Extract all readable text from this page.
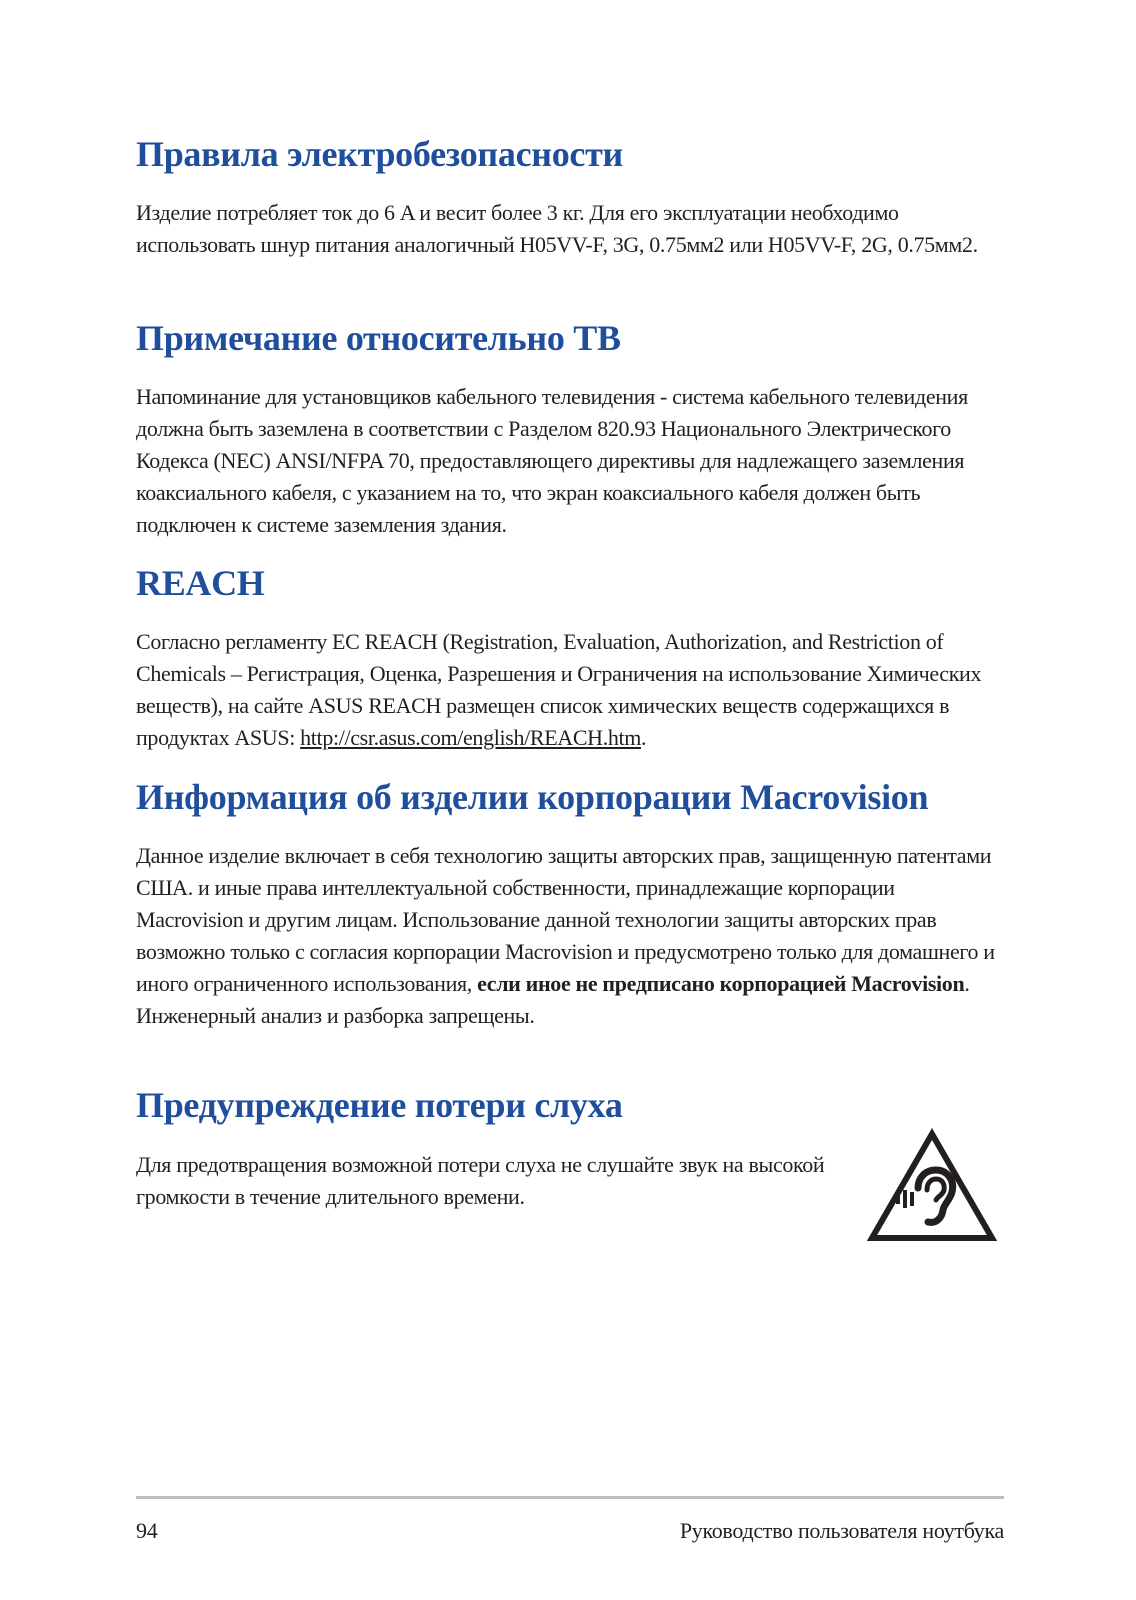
Правила электробезопасности

Изделие потребляет ток до 6 A и весит более 3 кг. Для его эксплуатации необходимо использовать шнур питания аналогичный H05VV-F, 3G, 0.75мм2 или H05VV-F, 2G, 0.75мм2.

Примечание относительно ТВ

Напоминание для установщиков кабельного телевидения - система кабельного телевидения должна быть заземлена в соответствии с Разделом 820.93 Национального Электрического Кодекса (NEC) ANSI/NFPA 70, предоставляющего директивы для надлежащего заземления коаксиального кабеля, с указанием на то, что экран коаксиального кабеля должен быть подключен к системе заземления здания.

REACH

Согласно регламенту ЕС REACH (Registration, Evaluation, Authorization, and Restriction of Chemicals – Регистрация, Оценка, Разрешения и Ограничения на использование Химических веществ), на сайте ASUS REACH размещен список химических веществ содержащихся в продуктах ASUS: http://csr.asus.com/english/REACH.htm.

Информация об изделии корпорации Macrovision

Данное изделие включает в себя технологию защиты авторских прав, защищенную патентами США. и иные права интеллектуальной собственности, принадлежащие корпорации Macrovision и другим лицам. Использование данной технологии защиты авторских прав возможно только с согласия корпорации Macrovision и предусмотрено только для домашнего и иного ограниченного использования, если иное не предписано корпорацией Macrovision. Инженерный анализ и разборка запрещены.

Предупреждение потери слуха

Для предотвращения возможной потери слуха не слушайте звук на высокой громкости в течение длительного времени.

94	Руководство пользователя ноутбука
